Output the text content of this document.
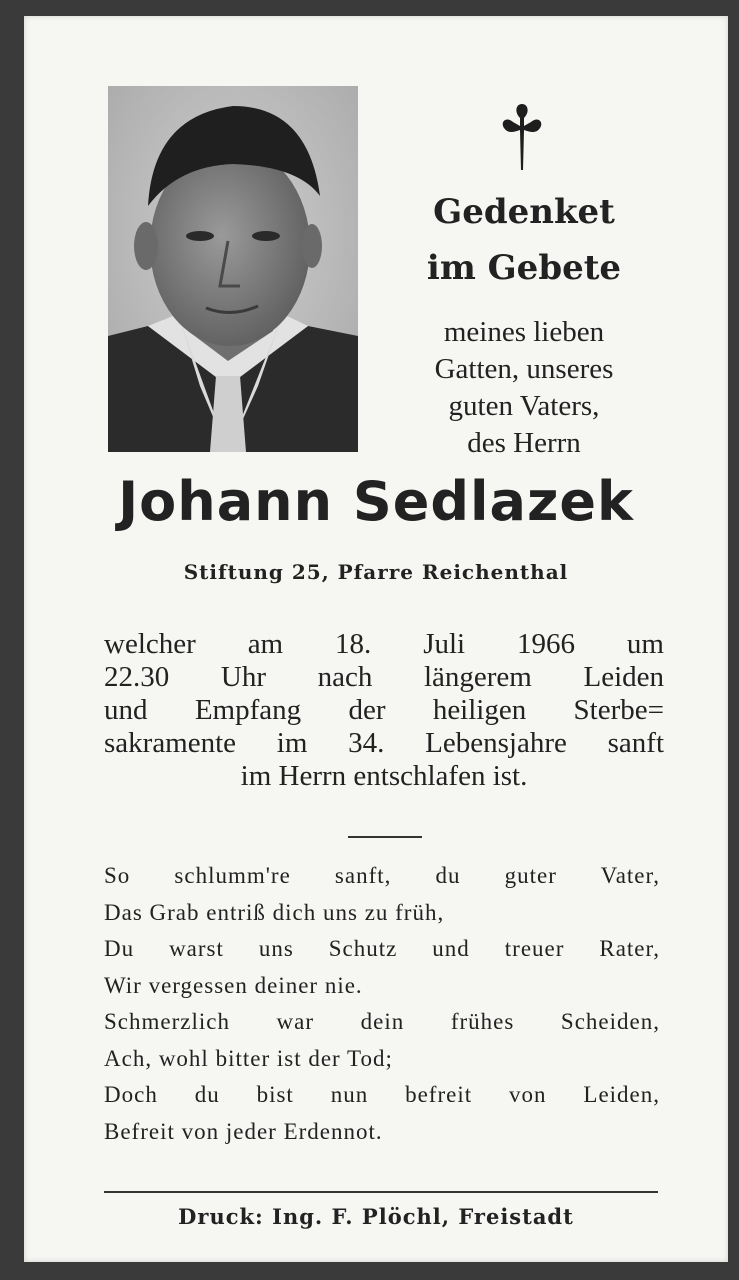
Gedenket
im Gebete
meines lieben
Gatten, unseres
guten Vaters,
des Herrn
Johann Sedlazek
Stiftung 25, Pfarre Reichenthal
welcher am 18. Juli 1966 um
22.30 Uhr nach längerem Leiden
und Empfang der heiligen Sterbe=
sakramente im 34. Lebensjahre sanft
im Herrn entschlafen ist.
So schlumm're sanft, du guter Vater,
Das Grab entriß dich uns zu früh,
Du warst uns Schutz und treuer Rater,
Wir vergessen deiner nie.
Schmerzlich war dein frühes Scheiden,
Ach, wohl bitter ist der Tod;
Doch du bist nun befreit von Leiden,
Befreit von jeder Erdennot.
Druck: Ing. F. Plöchl, Freistadt
